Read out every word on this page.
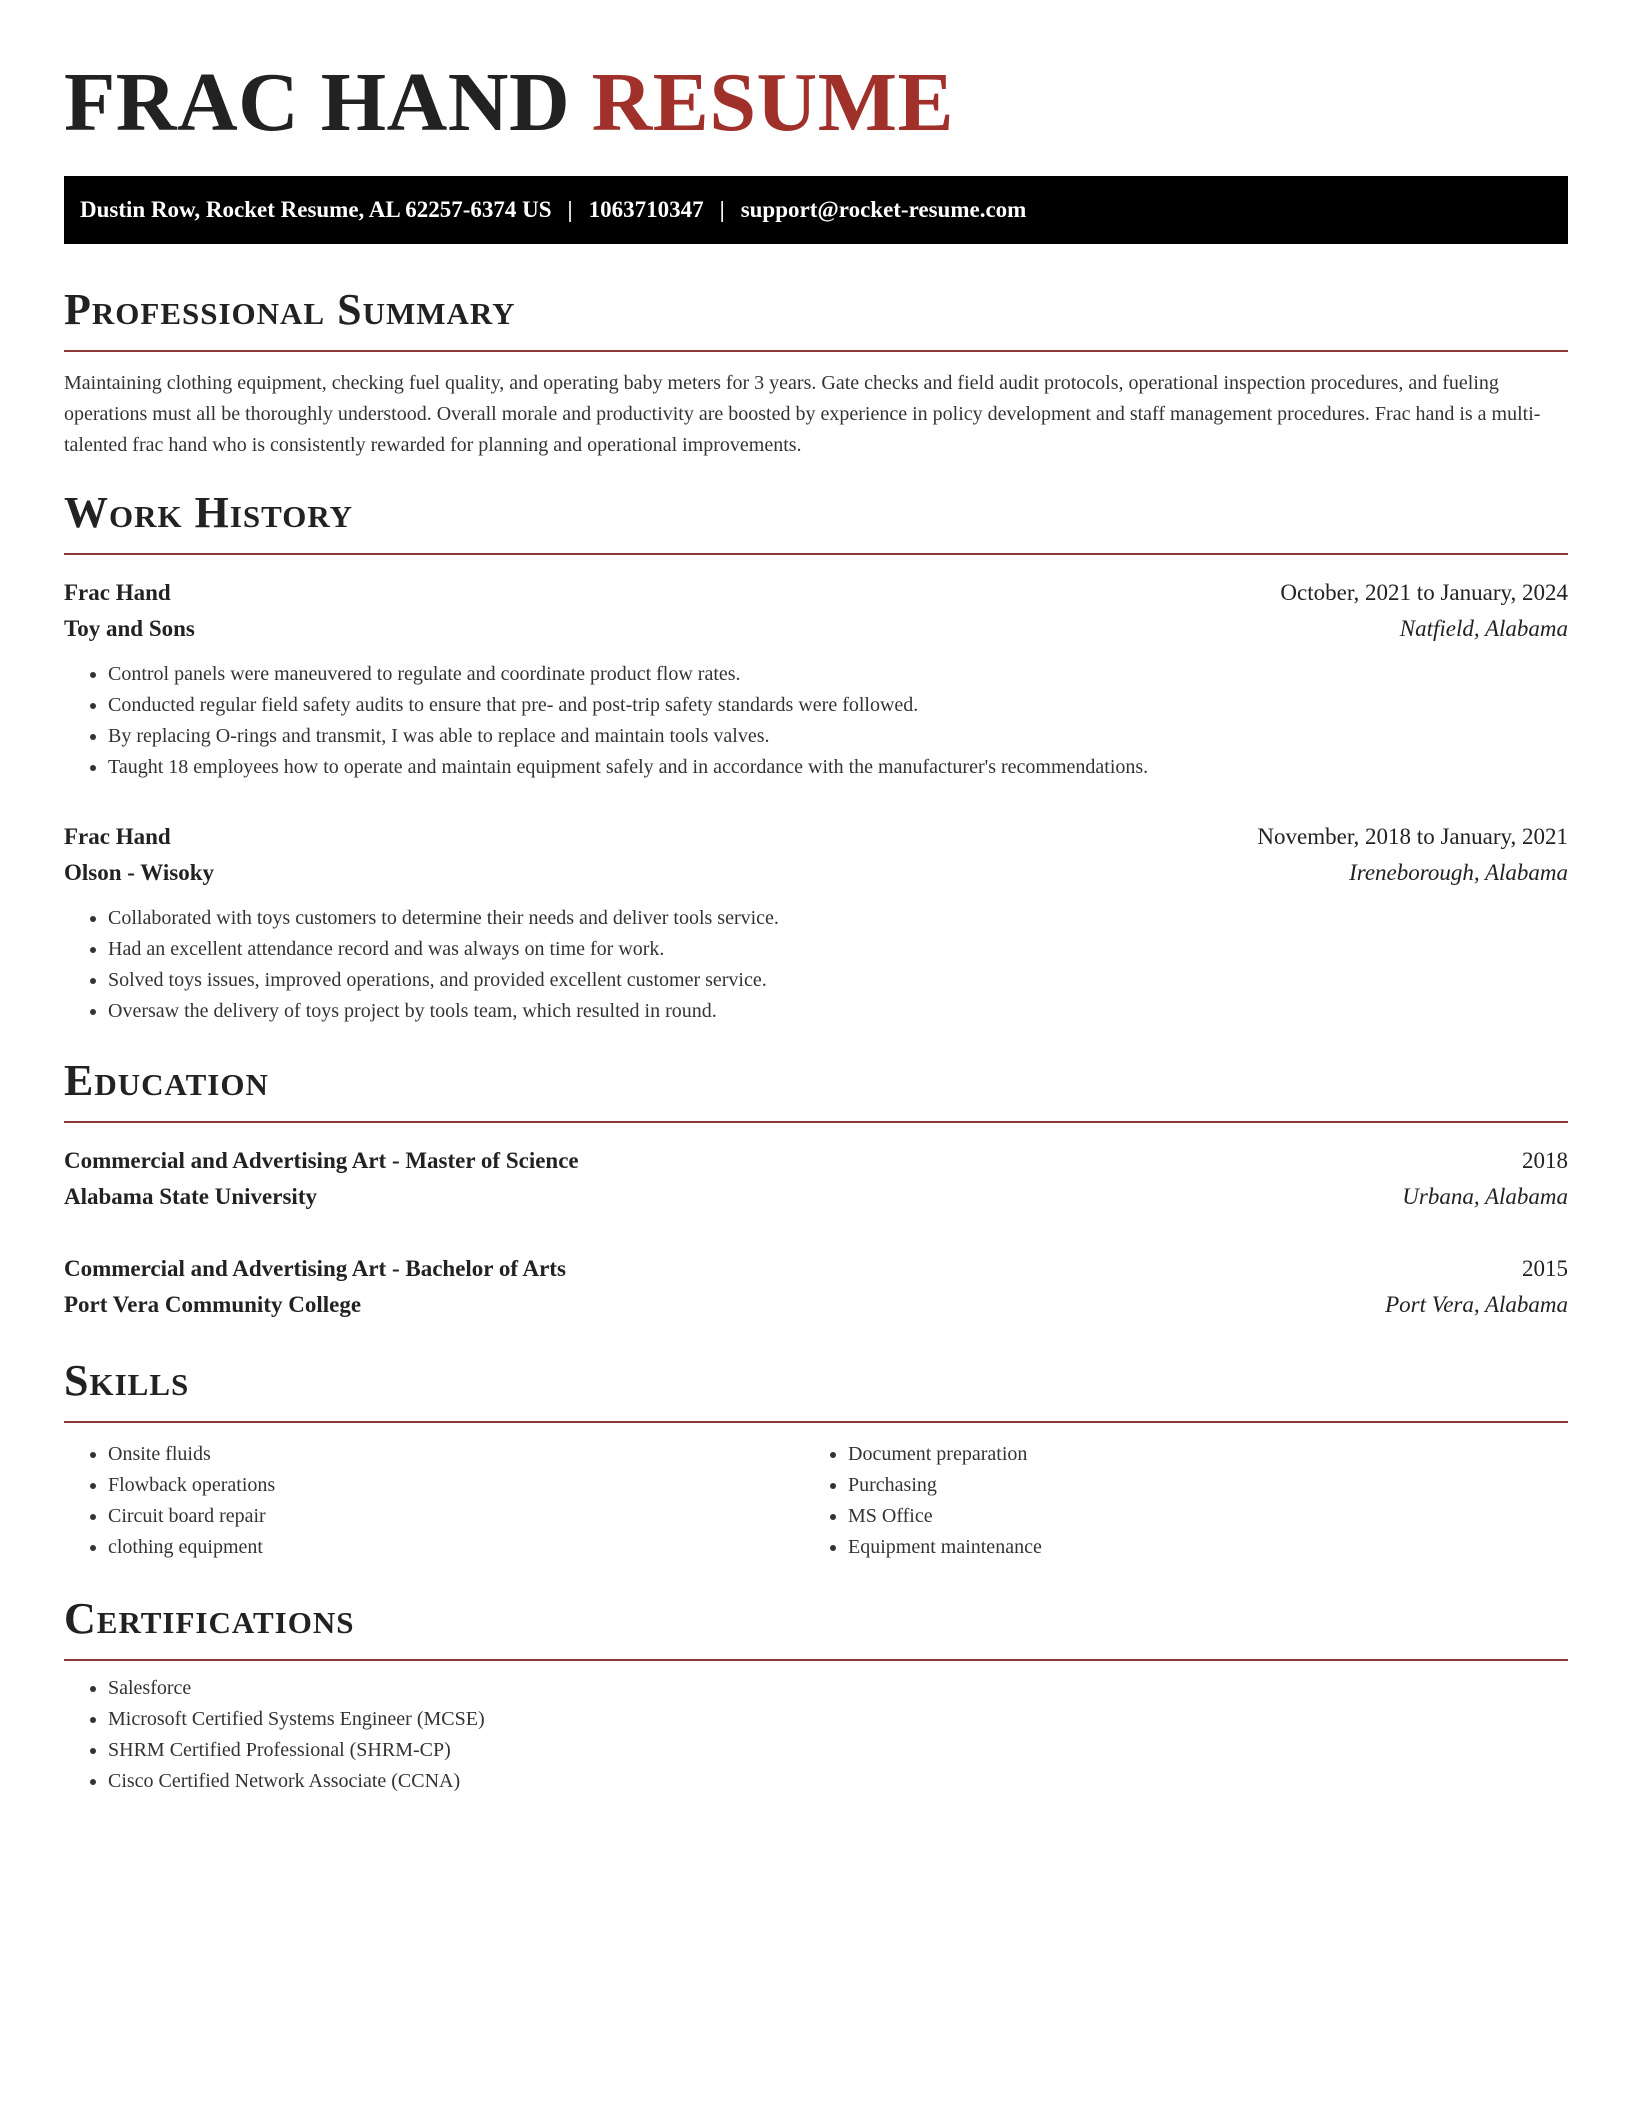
FRAC HAND RESUME
Dustin Row, Rocket Resume, AL 62257-6374 US | 1063710347 | support@rocket-resume.com
Professional Summary

Maintaining clothing equipment, checking fuel quality, and operating baby meters for 3 years. Gate checks and field audit protocols, operational inspection procedures, and fueling operations must all be thoroughly understood. Overall morale and productivity are boosted by experience in policy development and staff management procedures. Frac hand is a multi-talented frac hand who is consistently rewarded for planning and operational improvements.

Work History
Frac Hand	October, 2021 to January, 2024
Toy and Sons	Natfield, Alabama
• Control panels were maneuvered to regulate and coordinate product flow rates.
• Conducted regular field safety audits to ensure that pre- and post-trip safety standards were followed.
• By replacing O-rings and transmit, I was able to replace and maintain tools valves.
• Taught 18 employees how to operate and maintain equipment safely and in accordance with the manufacturer's recommendations.
Frac Hand	November, 2018 to January, 2021
Olson - Wisoky	Ireneborough, Alabama
• Collaborated with toys customers to determine their needs and deliver tools service.
• Had an excellent attendance record and was always on time for work.
• Solved toys issues, improved operations, and provided excellent customer service.
• Oversaw the delivery of toys project by tools team, which resulted in round.
Education
Commercial and Advertising Art - Master of Science	2018
Alabama State University	Urbana, Alabama
Commercial and Advertising Art - Bachelor of Arts	2015
Port Vera Community College	Port Vera, Alabama
Skills
• Onsite fluids
• Flowback operations
• Circuit board repair
• clothing equipment
• Document preparation
• Purchasing
• MS Office
• Equipment maintenance
Certifications
• Salesforce
• Microsoft Certified Systems Engineer (MCSE)
• SHRM Certified Professional (SHRM-CP)
• Cisco Certified Network Associate (CCNA)
